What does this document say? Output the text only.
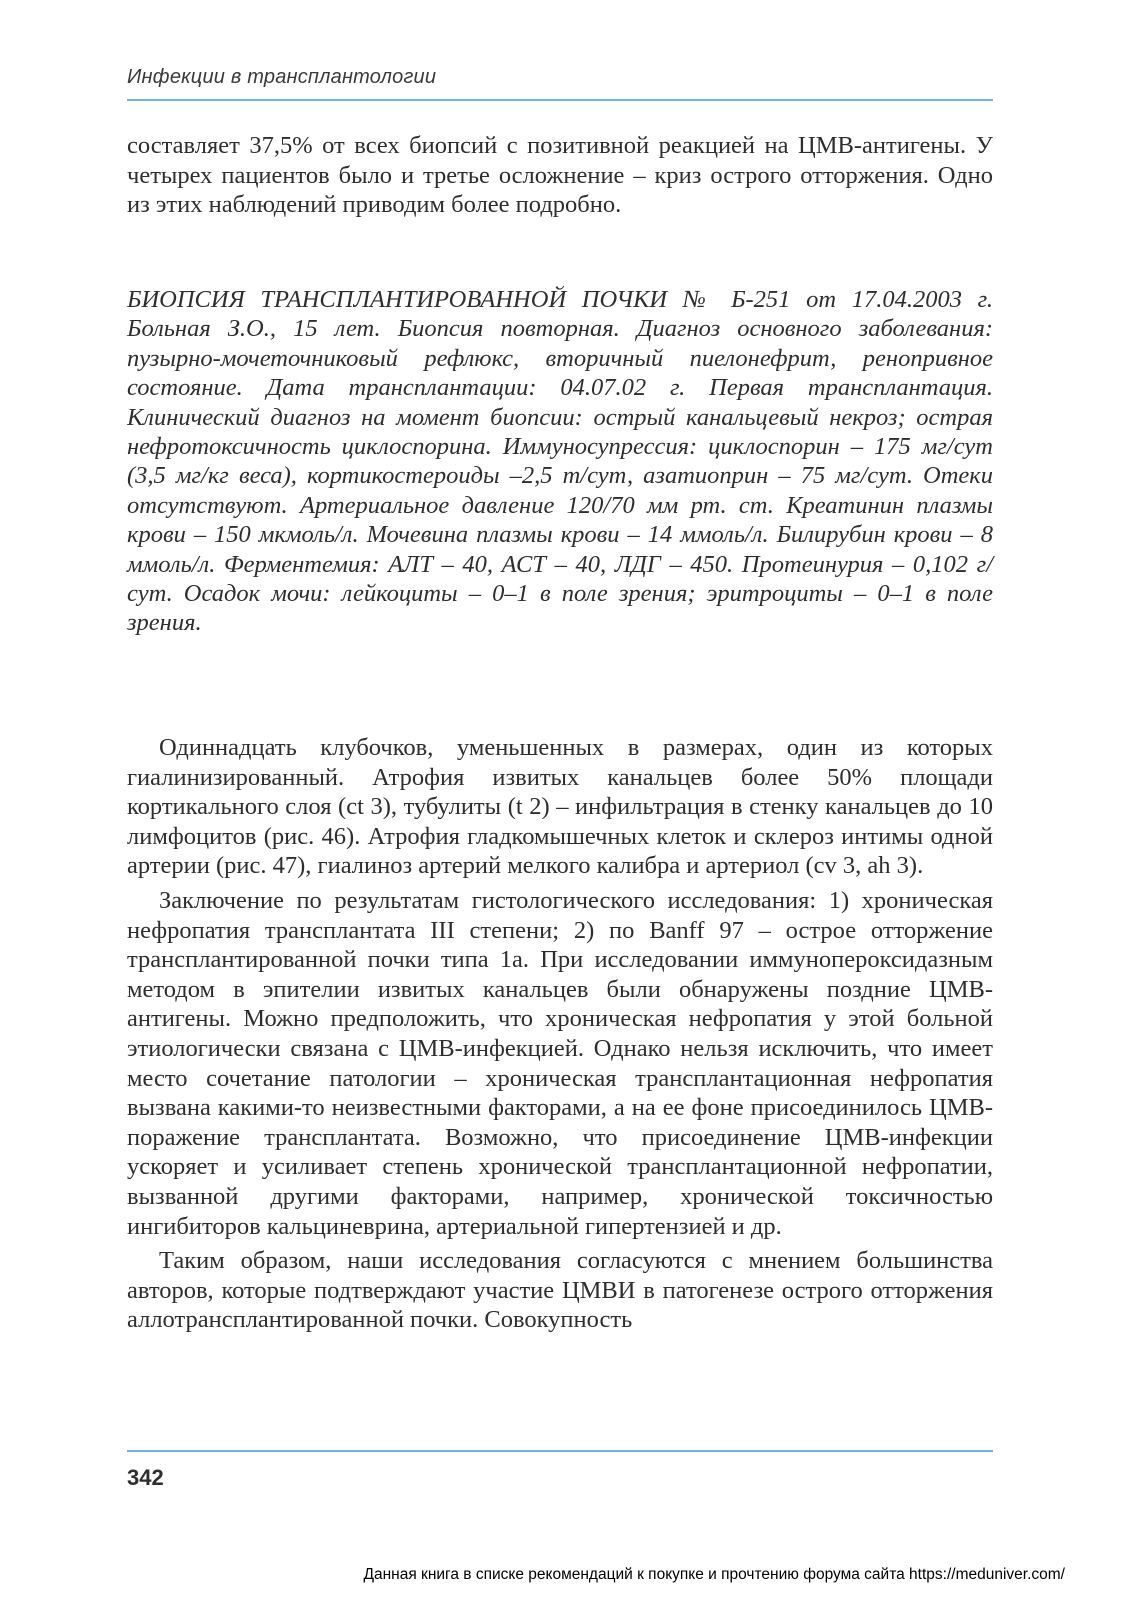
Инфекции в трансплантологии

составляет 37,5% от всех биопсий с позитивной реакцией на ЦМВ-антигены. У четырех пациентов было и третье осложнение – криз острого отторжения. Одно из этих наблюдений приводим более подробно.

БИОПСИЯ ТРАНСПЛАНТИРОВАННОЙ ПОЧКИ № Б-251 от 17.04.2003 г. Больная З.О., 15 лет. Биопсия повторная. Диагноз основного заболевания: пузырно-мочеточниковый рефлюкс, вторичный пиелонефрит, ренопривное состояние. Дата трансплантации: 04.07.02 г. Первая трансплантация. Клинический диагноз на момент биопсии: острый канальцевый некроз; острая нефротоксичность циклоспорина. Иммуносупрессия: циклоспорин – 175 мг/сут (3,5 мг/кг веса), кортикостероиды –2,5 т/сут, азатиоприн – 75 мг/сут. Отеки отсутствуют. Артериальное давление 120/70 мм рт. ст. Креатинин плазмы крови – 150 мкмоль/л. Мочевина плазмы крови – 14 ммоль/л. Билирубин крови – 8 ммоль/л. Ферментемия: АЛТ – 40, АСТ – 40, ЛДГ – 450. Протеинурия – 0,102 г/сут. Осадок мочи: лейкоциты – 0–1 в поле зрения; эритроциты – 0–1 в поле зрения.

Одиннадцать клубочков, уменьшенных в размерах, один из которых гиалинизированный. Атрофия извитых канальцев более 50% площади кортикального слоя (ct 3), тубулиты (t 2) – инфильтрация в стенку канальцев до 10 лимфоцитов (рис. 46). Атрофия гладкомышечных клеток и склероз интимы одной артерии (рис. 47), гиалиноз артерий мелкого калибра и артериол (cv 3, ah 3).

Заключение по результатам гистологического исследования: 1) хроническая нефропатия трансплантата III степени; 2) по Banff 97 – острое отторжение трансплантированной почки типа 1а. При исследовании иммунопероксидазным методом в эпителии извитых канальцев были обнаружены поздние ЦМВ-антигены. Можно предположить, что хроническая нефропатия у этой больной этиологически связана с ЦМВ-инфекцией. Однако нельзя исключить, что имеет место сочетание патологии – хроническая трансплантационная нефропатия вызвана какими-то неизвестными факторами, а на ее фоне присоединилось ЦМВ-поражение трансплантата. Возможно, что присоединение ЦМВ-инфекции ускоряет и усиливает степень хронической трансплантационной нефропатии, вызванной другими факторами, например, хронической токсичностью ингибиторов кальциневрина, артериальной гипертензией и др.

Таким образом, наши исследования согласуются с мнением большинства авторов, которые подтверждают участие ЦМВИ в патогенезе острого отторжения аллотрансплантированной почки. Совокупность

342
Данная книга в списке рекомендаций к покупке и прочтению форума сайта https://meduniver.com/
